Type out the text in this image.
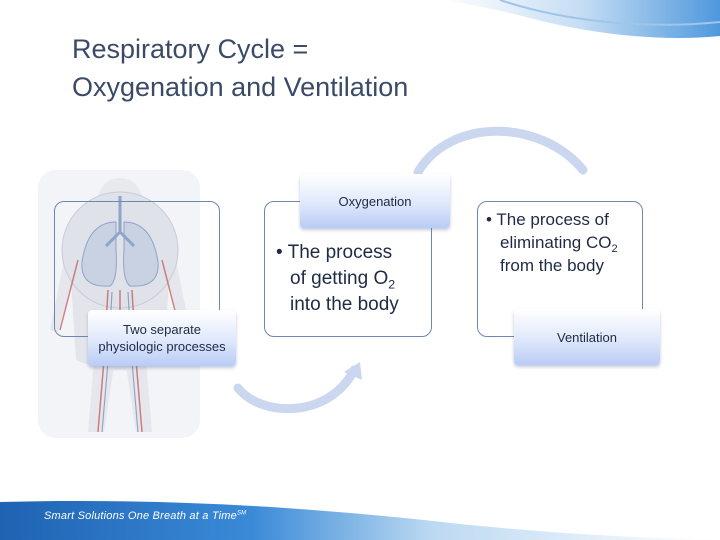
Respiratory Cycle =
Oxygenation and Ventilation
Two separate
physiologic processes
Oxygenation
• The process
of getting $O_2$
into the body
• The process of
eliminating $CO_2$
from the body
Ventilation
Smart Solutions One Breath at a Time℠
